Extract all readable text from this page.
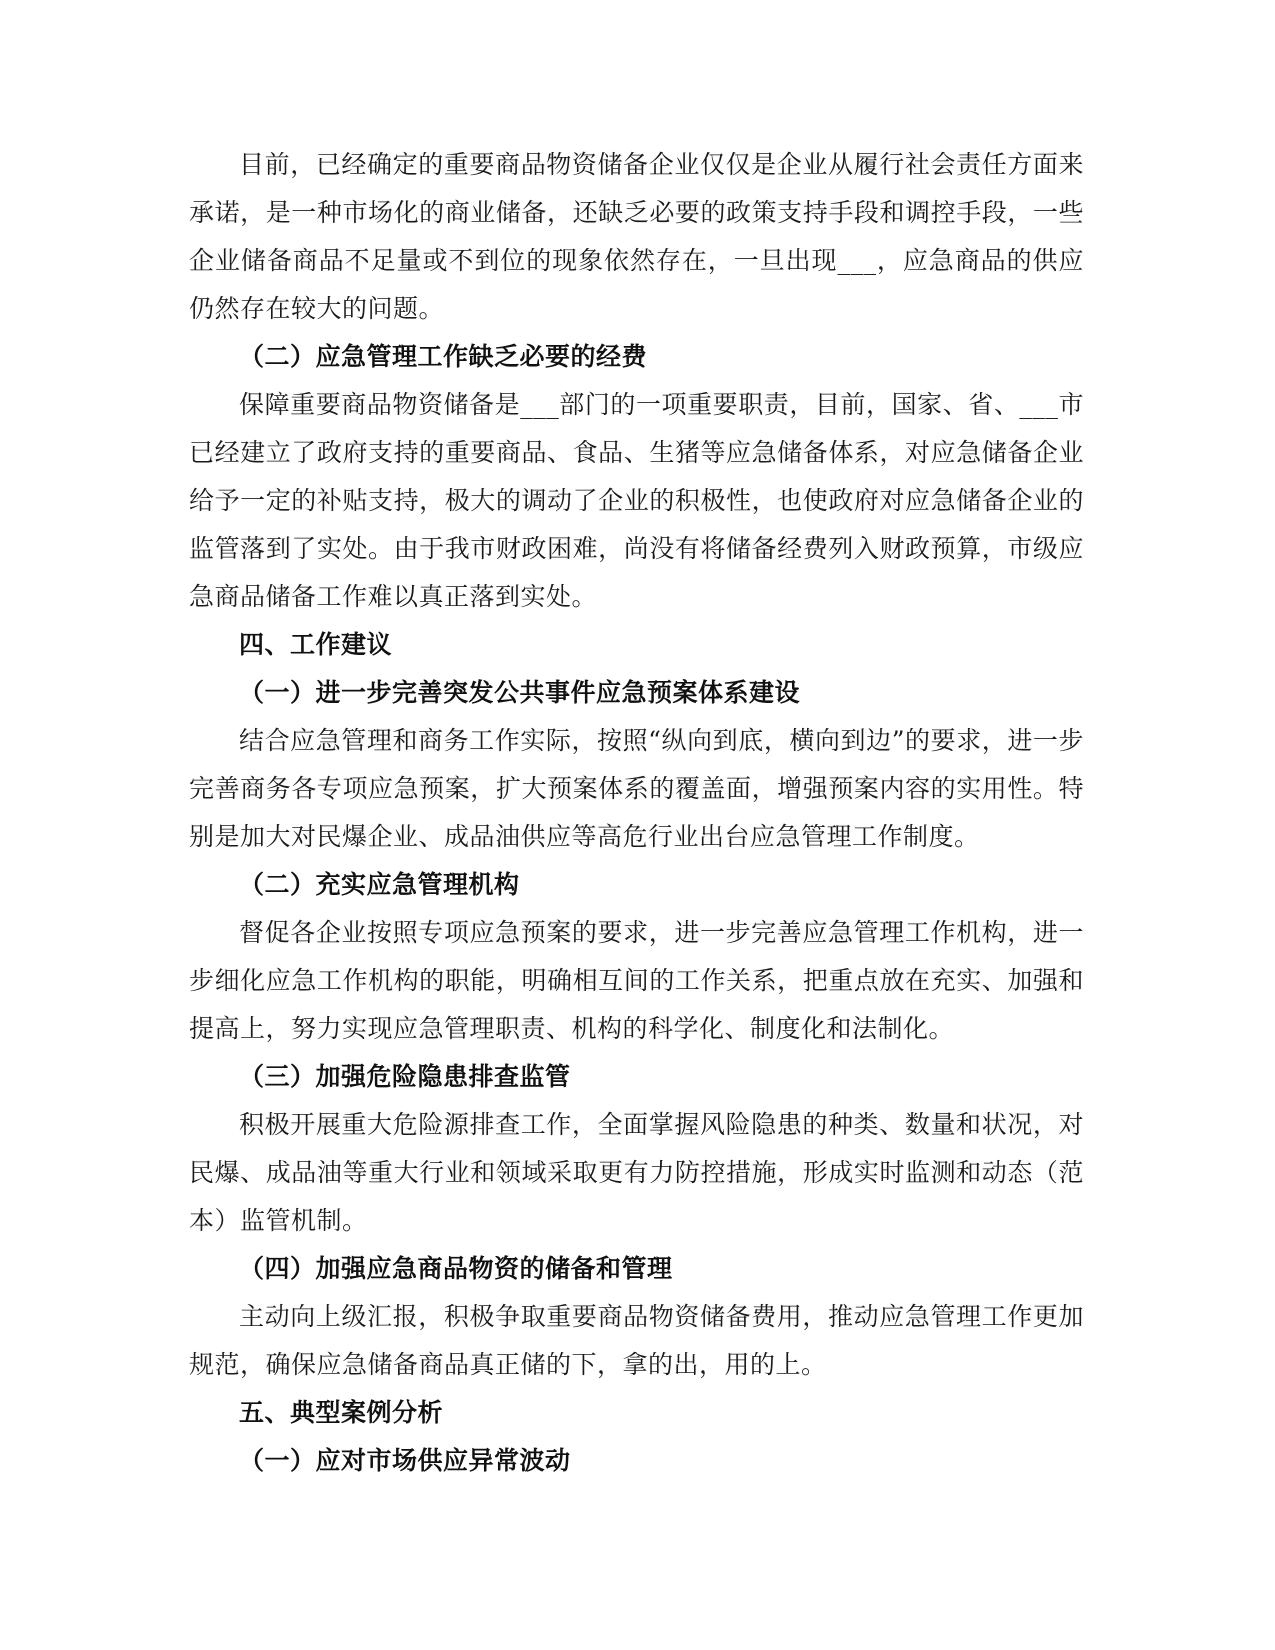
目前，已经确定的重要商品物资储备企业仅仅是企业从履行社会责任方面来承诺，是一种市场化的商业储备，还缺乏必要的政策支持手段和调控手段，一些企业储备商品不足量或不到位的现象依然存在，一旦出现___，应急商品的供应仍然存在较大的问题。

（二）应急管理工作缺乏必要的经费

保障重要商品物资储备是___部门的一项重要职责，目前，国家、省、___市已经建立了政府支持的重要商品、食品、生猪等应急储备体系，对应急储备企业给予一定的补贴支持，极大的调动了企业的积极性，也使政府对应急储备企业的监管落到了实处。由于我市财政困难，尚没有将储备经费列入财政预算，市级应急商品储备工作难以真正落到实处。

四、工作建议

（一）进一步完善突发公共事件应急预案体系建设

结合应急管理和商务工作实际，按照“纵向到底，横向到边”的要求，进一步完善商务各专项应急预案，扩大预案体系的覆盖面，增强预案内容的实用性。特别是加大对民爆企业、成品油供应等高危行业出台应急管理工作制度。

（二）充实应急管理机构

督促各企业按照专项应急预案的要求，进一步完善应急管理工作机构，进一步细化应急工作机构的职能，明确相互间的工作关系，把重点放在充实、加强和提高上，努力实现应急管理职责、机构的科学化、制度化和法制化。

（三）加强危险隐患排查监管

积极开展重大危险源排查工作，全面掌握风险隐患的种类、数量和状况，对民爆、成品油等重大行业和领域采取更有力防控措施，形成实时监测和动态（范本）监管机制。

（四）加强应急商品物资的储备和管理

主动向上级汇报，积极争取重要商品物资储备费用，推动应急管理工作更加规范，确保应急储备商品真正储的下，拿的出，用的上。

五、典型案例分析

（一）应对市场供应异常波动
